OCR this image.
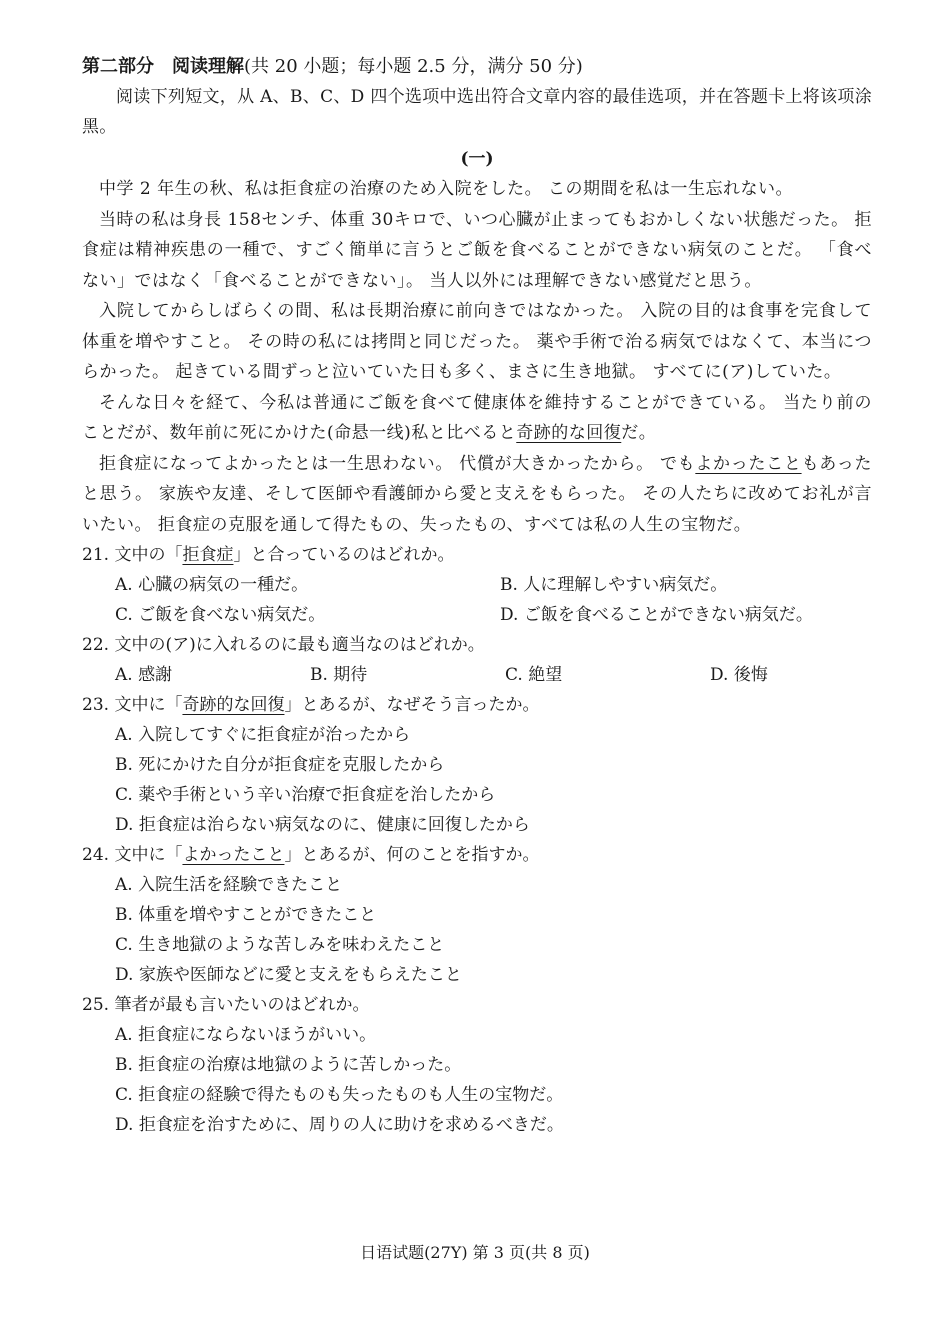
第二部分　阅读理解(共 20 小题；每小题 2.5 分，满分 50 分)

阅读下列短文，从 A、B、C、D 四个选项中选出符合文章内容的最佳选项，并在答题卡上将该项涂黑。

(一)

中学 2 年生の秋、私は拒食症の治療のため入院をした。 この期間を私は一生忘れない。

当時の私は身長 158センチ、体重 30キロで、いつ心臓が止まってもおかしくない状態だった。 拒食症は精神疾患の一種で、すごく簡単に言うとご飯を食べることができない病気のことだ。 「食べない」ではなく「食べることができない」。 当人以外には理解できない感覚だと思う。

入院してからしばらくの間、私は長期治療に前向きではなかった。 入院の目的は食事を完食して体重を増やすこと。 その時の私には拷問と同じだった。 薬や手術で治る病気ではなくて、本当につらかった。 起きている間ずっと泣いていた日も多く、まさに生き地獄。 すべてに(ア)していた。

そんな日々を経て、今私は普通にご飯を食べて健康体を維持することができている。 当たり前のことだが、数年前に死にかけた(命悬一线)私と比べると奇跡的な回復だ。

拒食症になってよかったとは一生思わない。 代償が大きかったから。 でもよかったこともあったと思う。 家族や友達、そして医師や看護師から愛と支えをもらった。 その人たちに改めてお礼が言いたい。 拒食症の克服を通して得たもの、失ったもの、すべては私の人生の宝物だ。

21. 文中の「拒食症」と合っているのはどれか。

A. 心臓の病気の一種だ。	B. 人に理解しやすい病気だ。

C. ご飯を食べない病気だ。	D. ご飯を食べることができない病気だ。

22. 文中の(ア)に入れるのに最も適当なのはどれか。

A. 感謝	B. 期待	C. 絶望	D. 後悔

23. 文中に「奇跡的な回復」とあるが、なぜそう言ったか。

A. 入院してすぐに拒食症が治ったから

B. 死にかけた自分が拒食症を克服したから

C. 薬や手術という辛い治療で拒食症を治したから

D. 拒食症は治らない病気なのに、健康に回復したから

24. 文中に「よかったこと」とあるが、何のことを指すか。

A. 入院生活を経験できたこと

B. 体重を増やすことができたこと

C. 生き地獄のような苦しみを味わえたこと

D. 家族や医師などに愛と支えをもらえたこと

25. 筆者が最も言いたいのはどれか。

A. 拒食症にならないほうがいい。

B. 拒食症の治療は地獄のように苦しかった。

C. 拒食症の経験で得たものも失ったものも人生の宝物だ。

D. 拒食症を治すために、周りの人に助けを求めるべきだ。

日语试题(27Y) 第 3 页(共 8 页)
